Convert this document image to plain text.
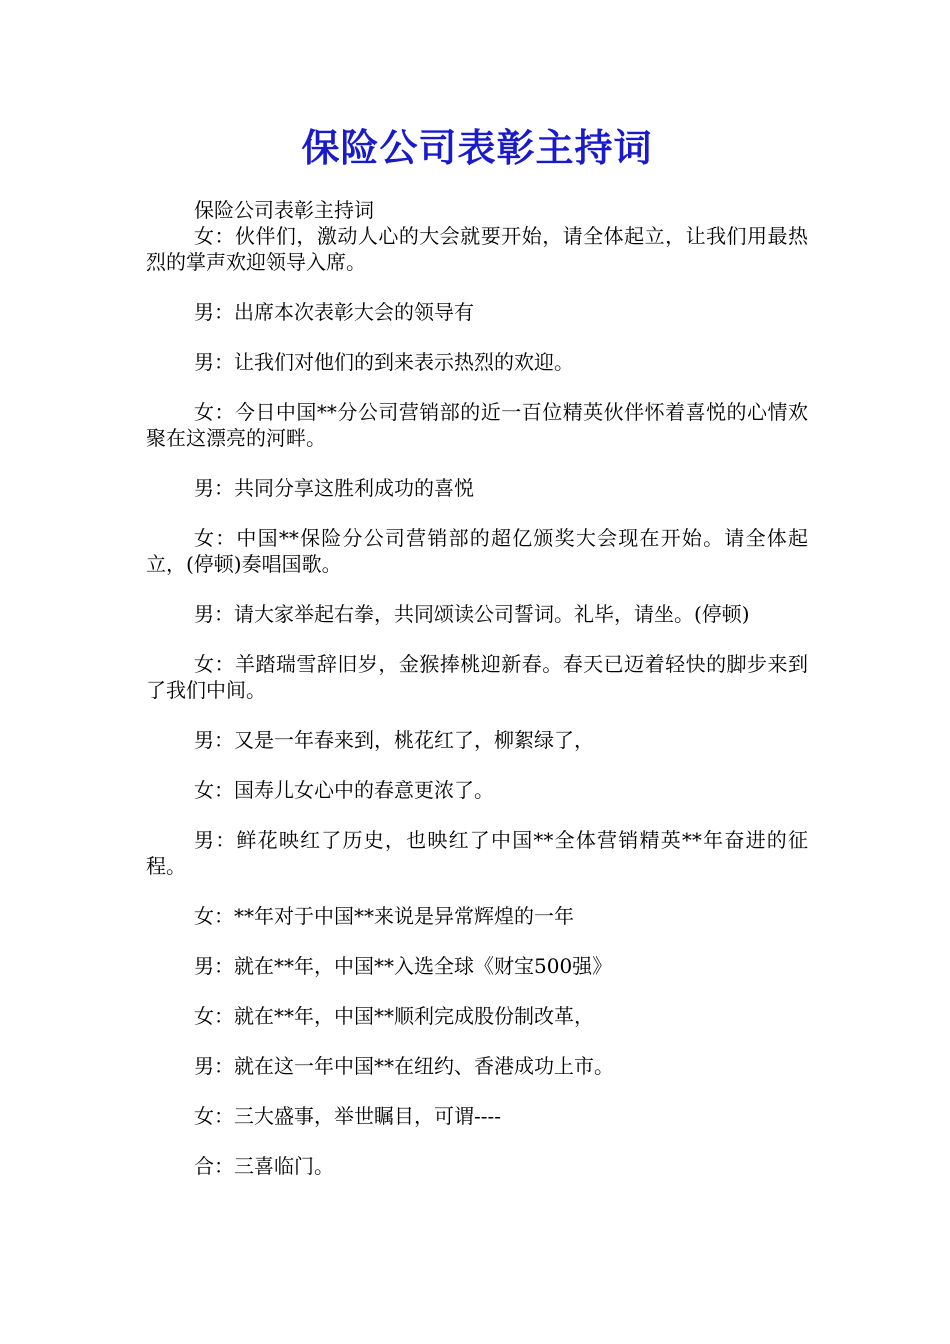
保险公司表彰主持词

保险公司表彰主持词

女：伙伴们，激动人心的大会就要开始，请全体起立，让我们用最热烈的掌声欢迎领导入席。

男：出席本次表彰大会的领导有

男：让我们对他们的到来表示热烈的欢迎。

女：今日中国**分公司营销部的近一百位精英伙伴怀着喜悦的心情欢聚在这漂亮的河畔。

男：共同分享这胜利成功的喜悦

女：中国**保险分公司营销部的超亿颁奖大会现在开始。请全体起立，(停顿)奏唱国歌。

男：请大家举起右拳，共同颂读公司誓词。礼毕，请坐。(停顿)

女：羊踏瑞雪辞旧岁，金猴捧桃迎新春。春天已迈着轻快的脚步来到了我们中间。

男：又是一年春来到，桃花红了，柳絮绿了，

女：国寿儿女心中的春意更浓了。

男：鲜花映红了历史，也映红了中国**全体营销精英**年奋进的征程。

女：**年对于中国**来说是异常辉煌的一年

男：就在**年，中国**入选全球《财宝500强》

女：就在**年，中国**顺利完成股份制改革，

男：就在这一年中国**在纽约、香港成功上市。

女：三大盛事，举世瞩目，可谓----

合：三喜临门。
